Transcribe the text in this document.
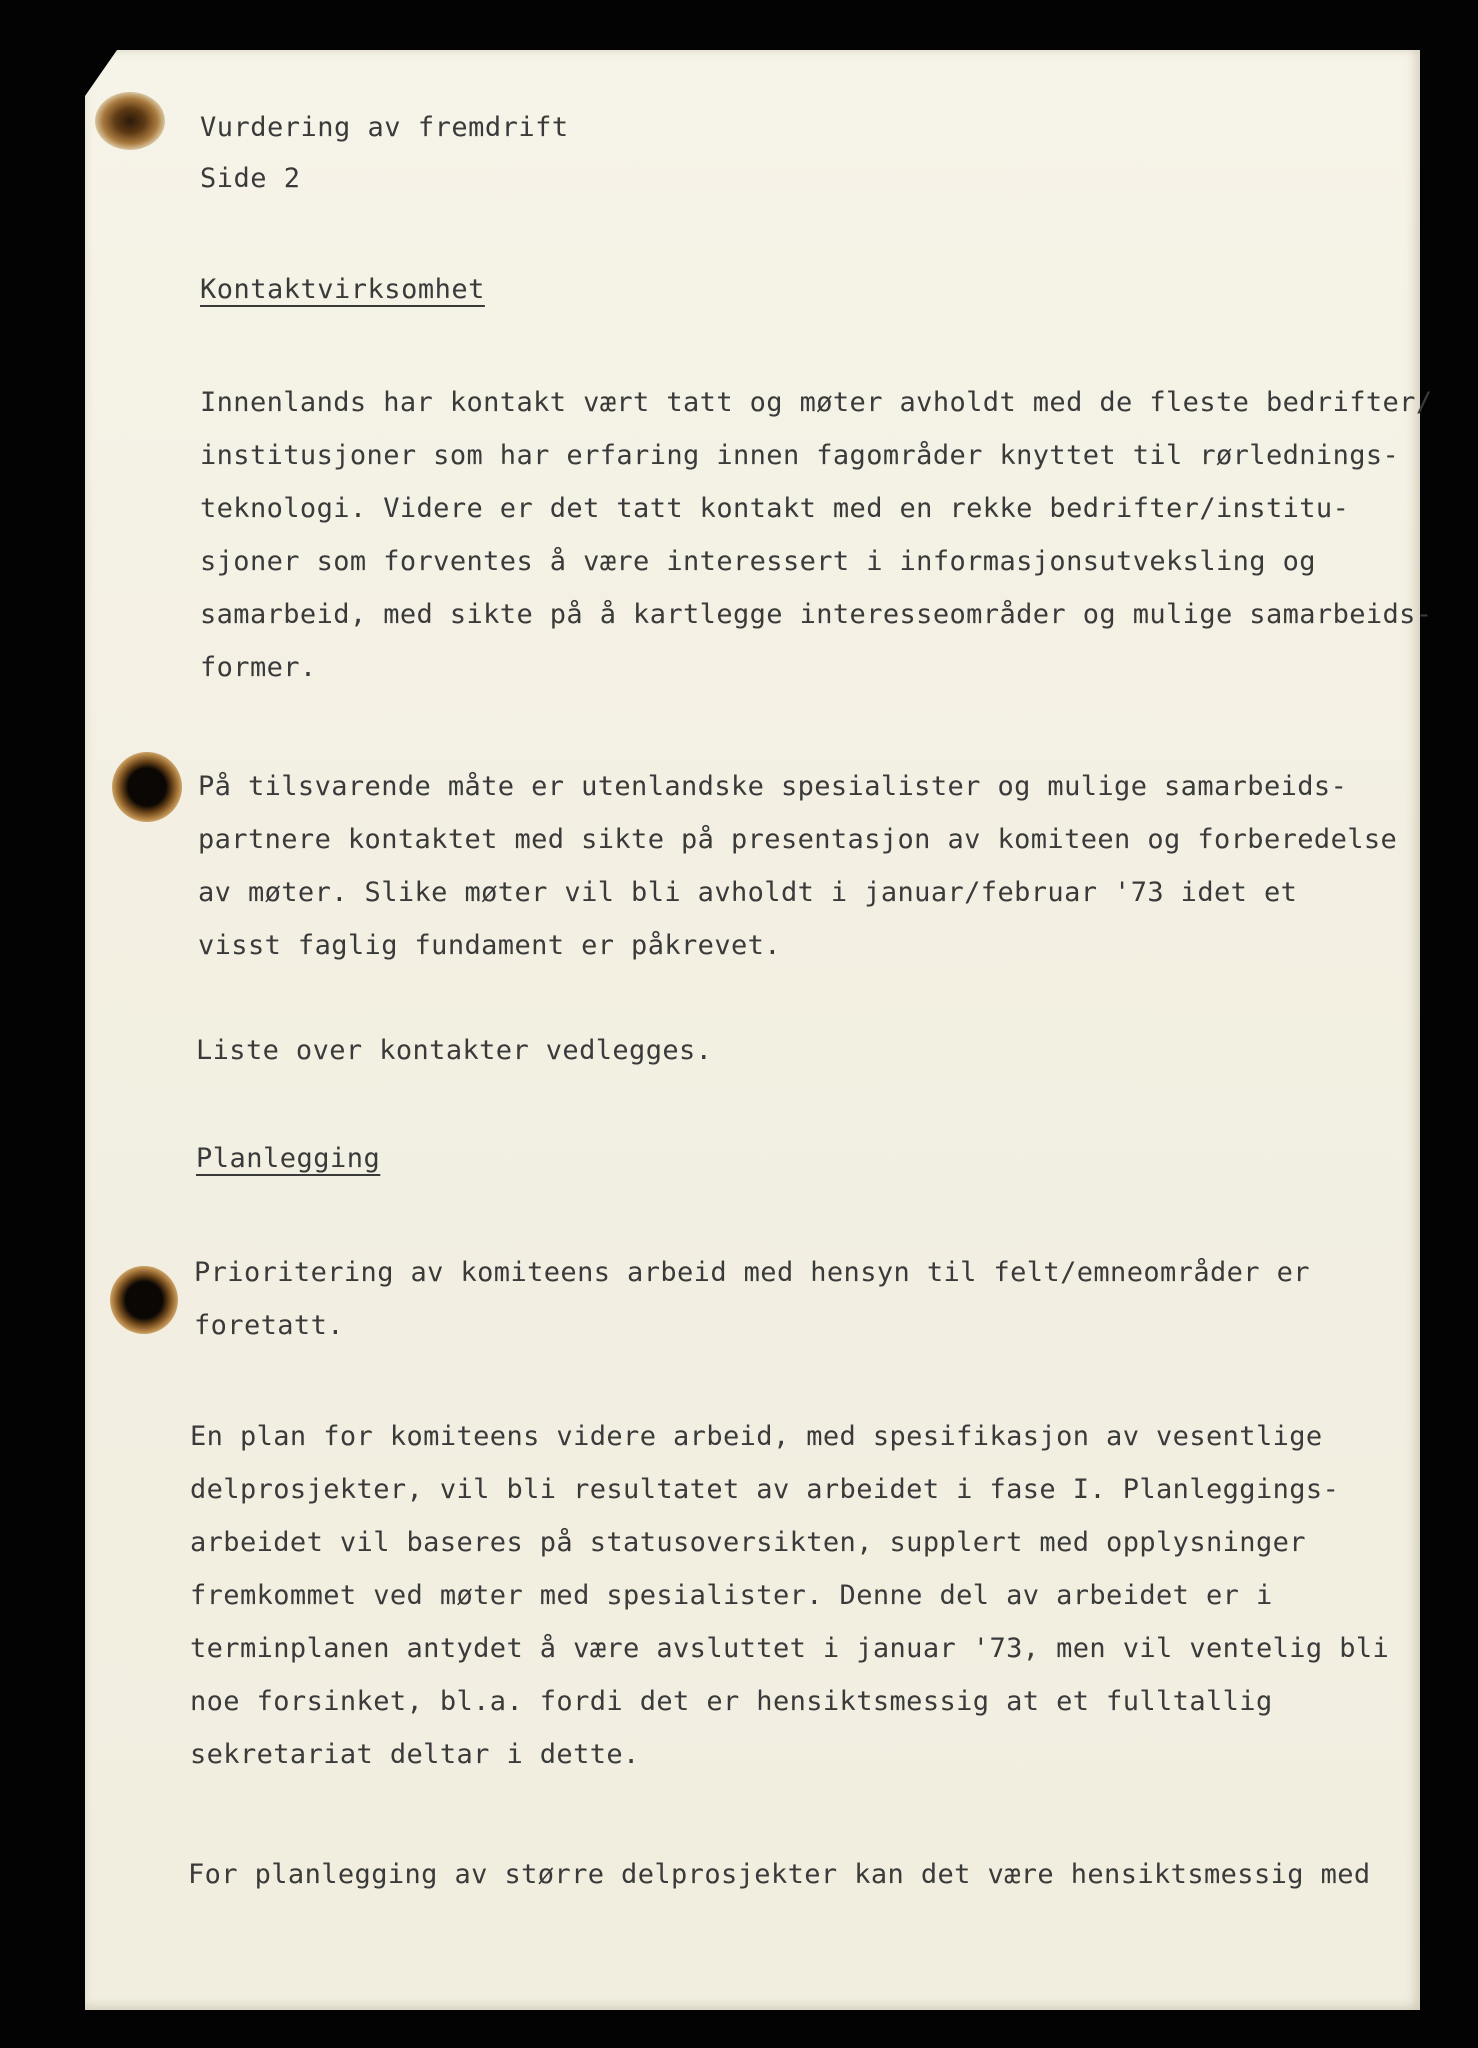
Vurdering av fremdrift
Side 2
Kontaktvirksomhet
Innenlands har kontakt vært tatt og møter avholdt med de fleste bedrifter/
institusjoner som har erfaring innen fagområder knyttet til rørlednings-
teknologi. Videre er det tatt kontakt med en rekke bedrifter/institu-
sjoner som forventes å være interessert i informasjonsutveksling og
samarbeid, med sikte på å kartlegge interesseområder og mulige samarbeids-
former.
På tilsvarende måte er utenlandske spesialister og mulige samarbeids-
partnere kontaktet med sikte på presentasjon av komiteen og forberedelse
av møter. Slike møter vil bli avholdt i januar/februar '73 idet et
visst faglig fundament er påkrevet.
Liste over kontakter vedlegges.
Planlegging
Prioritering av komiteens arbeid med hensyn til felt/emneområder er
foretatt.
En plan for komiteens videre arbeid, med spesifikasjon av vesentlige
delprosjekter, vil bli resultatet av arbeidet i fase I. Planleggings-
arbeidet vil baseres på statusoversikten, supplert med opplysninger
fremkommet ved møter med spesialister. Denne del av arbeidet er i
terminplanen antydet å være avsluttet i januar '73, men vil ventelig bli
noe forsinket, bl.a. fordi det er hensiktsmessig at et fulltallig
sekretariat deltar i dette.
For planlegging av større delprosjekter kan det være hensiktsmessig med
